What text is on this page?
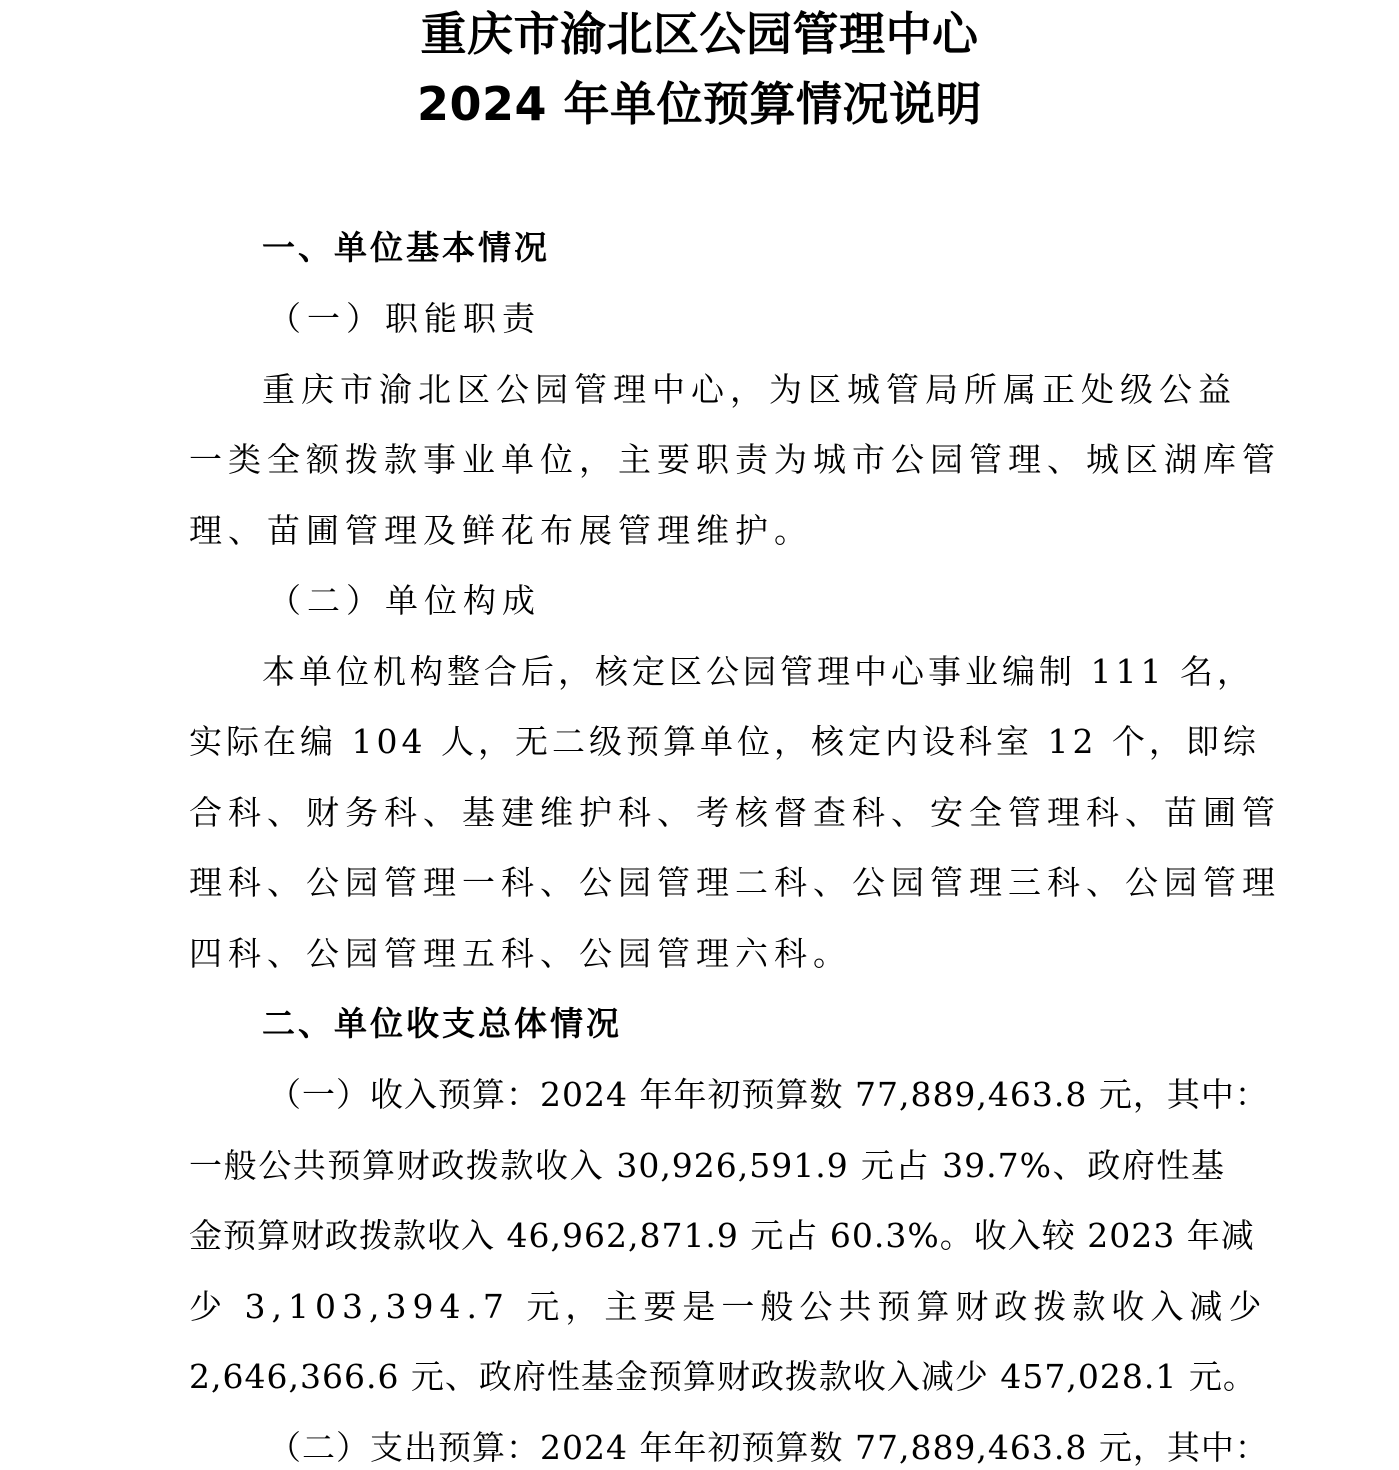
重庆市渝北区公园管理中心
2024 年单位预算情况说明
一、单位基本情况
（一）职能职责
重庆市渝北区公园管理中心，为区城管局所属正处级公益
一类全额拨款事业单位，主要职责为城市公园管理、城区湖库管
理、苗圃管理及鲜花布展管理维护。
（二）单位构成
本单位机构整合后，核定区公园管理中心事业编制 111 名，
实际在编 104 人，无二级预算单位，核定内设科室 12 个，即综
合科、财务科、基建维护科、考核督查科、安全管理科、苗圃管
理科、公园管理一科、公园管理二科、公园管理三科、公园管理
四科、公园管理五科、公园管理六科。
二、单位收支总体情况
（一）收入预算：2024 年年初预算数 77,889,463.8 元，其中：
一般公共预算财政拨款收入 30,926,591.9 元占 39.7%、政府性基
金预算财政拨款收入 46,962,871.9 元占 60.3%。收入较 2023 年减
少 3,103,394.7 元，主要是一般公共预算财政拨款收入减少
2,646,366.6 元、政府性基金预算财政拨款收入减少 457,028.1 元。
（二）支出预算：2024 年年初预算数 77,889,463.8 元，其中：
